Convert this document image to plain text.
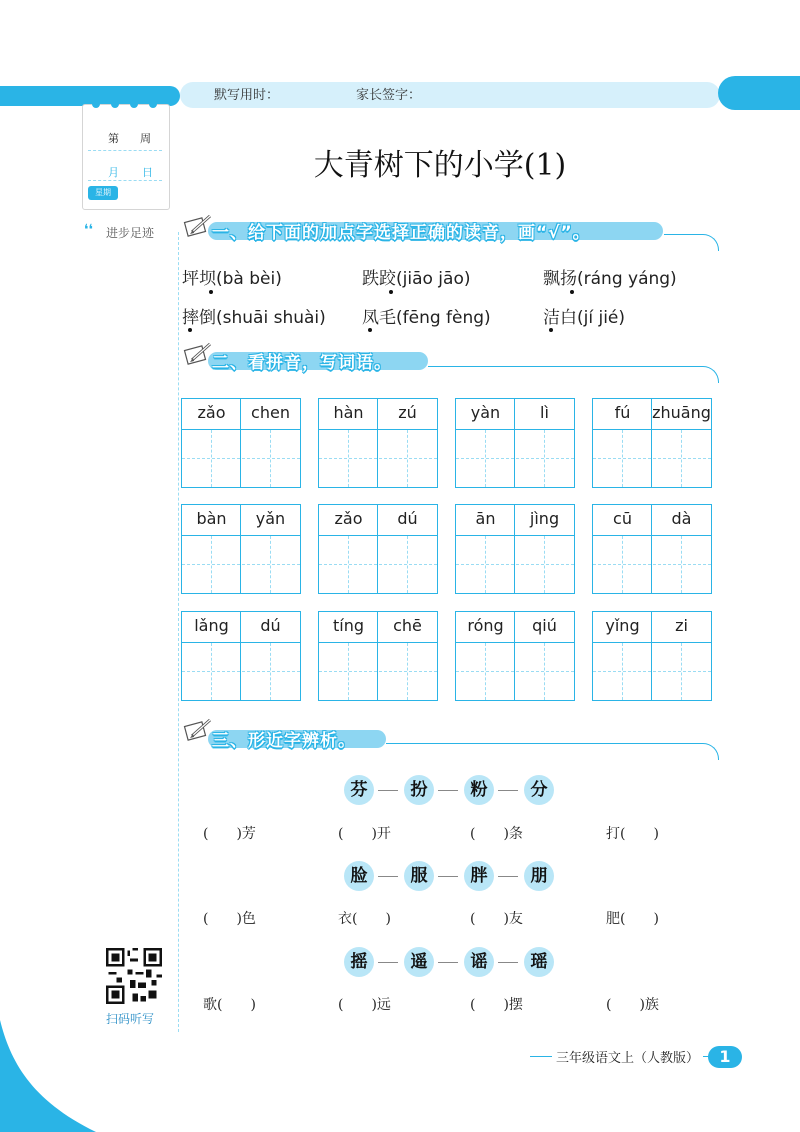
默写用时：	家长签字：
第 周
月 日
星期
❛❛ 进步足迹
大青树下的小学(1)
一、给下面的加点字选择正确的读音，画“√”。
坪坝(bà bèi)	跌跤(jiāo jāo)	飘扬(ráng yáng)
摔倒(shuāi shuài) 凤毛(fēng fèng)	洁白(jí jié)
二、看拼音，写词语。
zǎo	chen	hàn	zú	yàn	lì	fú	zhuāng
bàn	yǎn	zǎo	dú	ān	jìng	cū	dà
lǎng	dú	tíng	chē	róng	qiú	yǐng	zi
三、形近字辨析。
芬	扮	粉	分
(　　)芳	(　　)开	(　　)条	打(　　)
脸	服	胖	朋
(　　)色	衣(　　)	(　　)友	肥(　　)
摇	遥	谣	瑶
歌(　　)	(　　)远	(　　)摆	(　　)族
扫码听写
三年级语文上（人教版）	1
